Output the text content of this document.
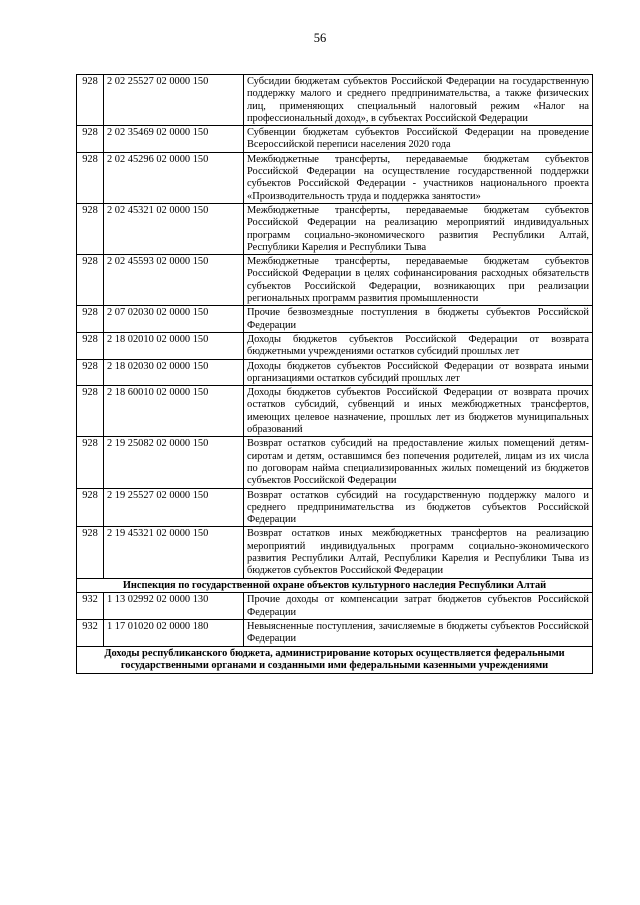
56
928	2 02 25527 02 0000 150	Субсидии бюджетам субъектов Российской Федерации на государственную поддержку малого и среднего предпринимательства, а также физических лиц, применяющих специальный налоговый режим «Налог на профессиональный доход», в субъектах Российской Федерации
928	2 02 35469 02 0000 150	Субвенции бюджетам субъектов Российской Федерации на проведение Всероссийской переписи населения 2020 года
928	2 02 45296 02 0000 150	Межбюджетные трансферты, передаваемые бюджетам субъектов Российской Федерации на осуществление государственной поддержки субъектов Российской Федерации - участников национального проекта «Производительность труда и поддержка занятости»
928	2 02 45321 02 0000 150	Межбюджетные трансферты, передаваемые бюджетам субъектов Российской Федерации на реализацию мероприятий индивидуальных программ социально-экономического развития Республики Алтай, Республики Карелия и Республики Тыва
928	2 02 45593 02 0000 150	Межбюджетные трансферты, передаваемые бюджетам субъектов Российской Федерации в целях софинансирования расходных обязательств субъектов Российской Федерации, возникающих при реализации региональных программ развития промышленности
928	2 07 02030 02 0000 150	Прочие безвозмездные поступления в бюджеты субъектов Российской Федерации
928	2 18 02010 02 0000 150	Доходы бюджетов субъектов Российской Федерации от возврата бюджетными учреждениями остатков субсидий прошлых лет
928	2 18 02030 02 0000 150	Доходы бюджетов субъектов Российской Федерации от возврата иными организациями остатков субсидий прошлых лет
928	2 18 60010 02 0000 150	Доходы бюджетов субъектов Российской Федерации от возврата прочих остатков субсидий, субвенций и иных межбюджетных трансфертов, имеющих целевое назначение, прошлых лет из бюджетов муниципальных образований
928	2 19 25082 02 0000 150	Возврат остатков субсидий на предоставление жилых помещений детям-сиротам и детям, оставшимся без попечения родителей, лицам из их числа по договорам найма специализированных жилых помещений из бюджетов субъектов Российской Федерации
928	2 19 25527 02 0000 150	Возврат остатков субсидий на государственную поддержку малого и среднего предпринимательства из бюджетов субъектов Российской Федерации
928	2 19 45321 02 0000 150	Возврат остатков иных межбюджетных трансфертов на реализацию мероприятий индивидуальных программ социально-экономического развития Республики Алтай, Республики Карелия и Республики Тыва из бюджетов субъектов Российской Федерации
Инспекция по государственной охране объектов культурного наследия Республики Алтай		
932	1 13 02992 02 0000 130	Прочие доходы от компенсации затрат бюджетов субъектов Российской Федерации
932	1 17 01020 02 0000 180	Невыясненные поступления, зачисляемые в бюджеты субъектов Российской Федерации
Доходы республиканского бюджета, администрирование которых осуществляется федеральными государственными органами и созданными ими федеральными казенными учреждениями		
